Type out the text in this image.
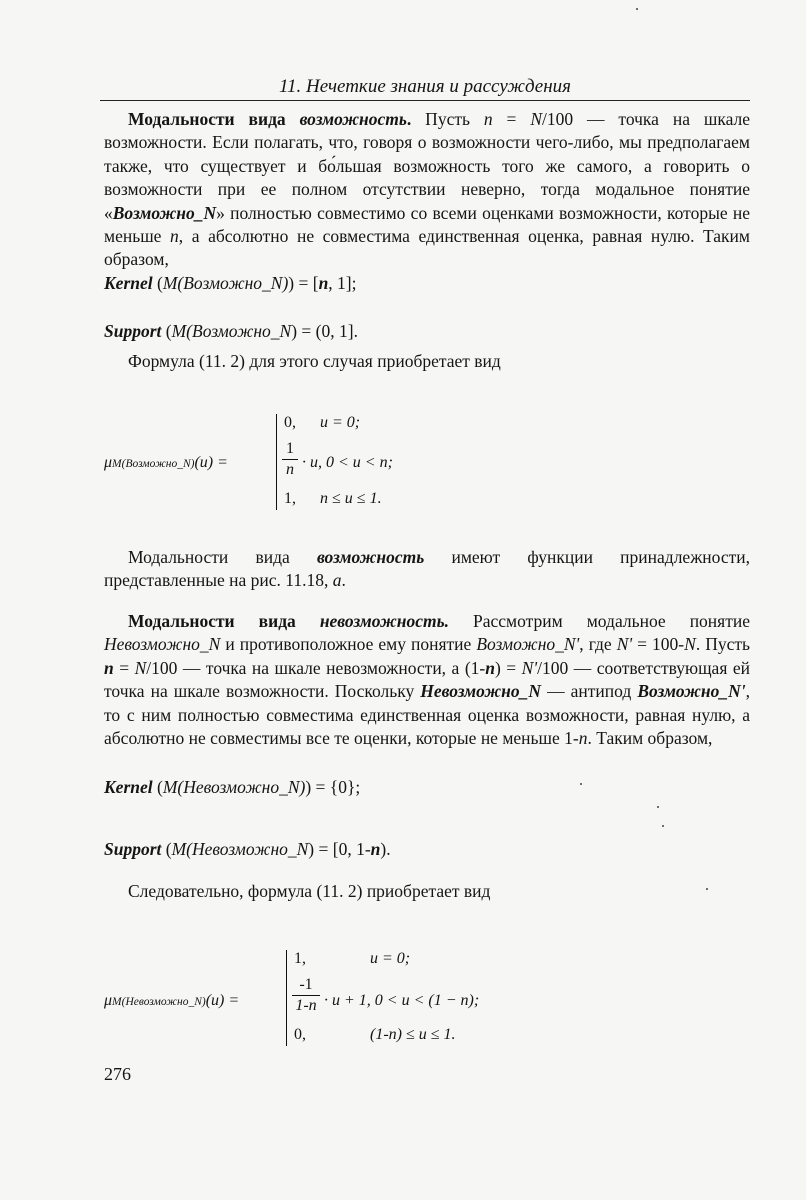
11. Нечеткие знания и рассуждения

Модальности вида возможность. Пусть n = N/100 — точка на шкале возможности. Если полагать, что, говоря о возможности чего-либо, мы предполагаем также, что существует и бо́льшая возможность того же самого, а говорить о возможности при ее полном отсутствии неверно, тогда модальное понятие «Возможно_N» полностью совместимо со всеми оценками возможности, которые не меньше n, а абсолютно не совместима единственная оценка, равная нулю. Таким образом,

Kernel (M(Возможно_N)) = [n, 1];
Support (M(Возможно_N) = (0, 1].
Формула (11. 2) для этого случая приобретает вид
μM(Возможно_N)(u) =
0, u = 0;
1
n · u, 0 < u < n;
1, n ≤ u ≤ 1.

Модальности вида возможность имеют функции принадлежности, представленные на рис. 11.18, а.

Модальности вида невозможность. Рассмотрим модальное понятие Невозможно_N и противоположное ему понятие Возможно_N', где N' = 100-N. Пусть n = N/100 — точка на шкале невозможности, а (1-n) = N'/100 — соответствующая ей точка на шкале возможности. Поскольку Невозможно_N — антипод Возможно_N', то с ним полностью совместима единственная оценка возможности, равная нулю, а абсолютно не совместимы все те оценки, которые не меньше 1-n. Таким образом,

Kernel (M(Невозможно_N)) = {0};
Support (M(Невозможно_N) = [0, 1-n).
Следовательно, формула (11. 2) приобретает вид
μM(Невозможно_N)(u) =
1,	u = 0;
-1
1-n · u + 1, 0 < u < (1 − n);
0,	(1-n) ≤ u ≤ 1.
276
